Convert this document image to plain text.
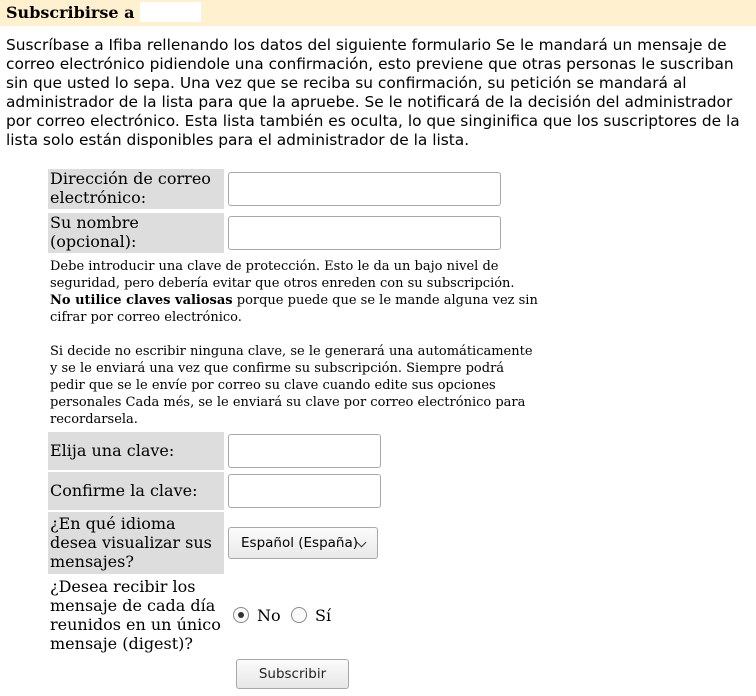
Subscribirse a

Suscríbase a Ifiba rellenando los datos del siguiente formulario Se le mandará un mensaje de correo electrónico pidiendole una confirmación, esto previene que otras personas le suscriban sin que usted lo sepa. Una vez que se reciba su confirmación, su petición se mandará al administrador de la lista para que la apruebe. Se le notificará de la decisión del administrador por correo electrónico. Esta lista también es oculta, lo que singinifica que los suscriptores de la lista solo están disponibles para el administrador de la lista.

Dirección de correo electrónico:
Su nombre (opcional):

Debe introducir una clave de protección. Esto le da un bajo nivel de seguridad, pero debería evitar que otros enreden con su subscripción. No utilice claves valiosas porque puede que se le mande alguna vez sin cifrar por correo electrónico.

Si decide no escribir ninguna clave, se le generará una automáticamente y se le enviará una vez que confirme su subscripción. Siempre podrá pedir que se le envíe por correo su clave cuando edite sus opciones personales Cada més, se le enviará su clave por correo electrónico para recordarsela.

Elija una clave:
Confirme la clave:
¿En qué idioma desea visualizar sus mensajes?
Español (España)
¿Desea recibir los mensaje de cada día reunidos en un único mensaje (digest)?
No Sí
Subscribir
